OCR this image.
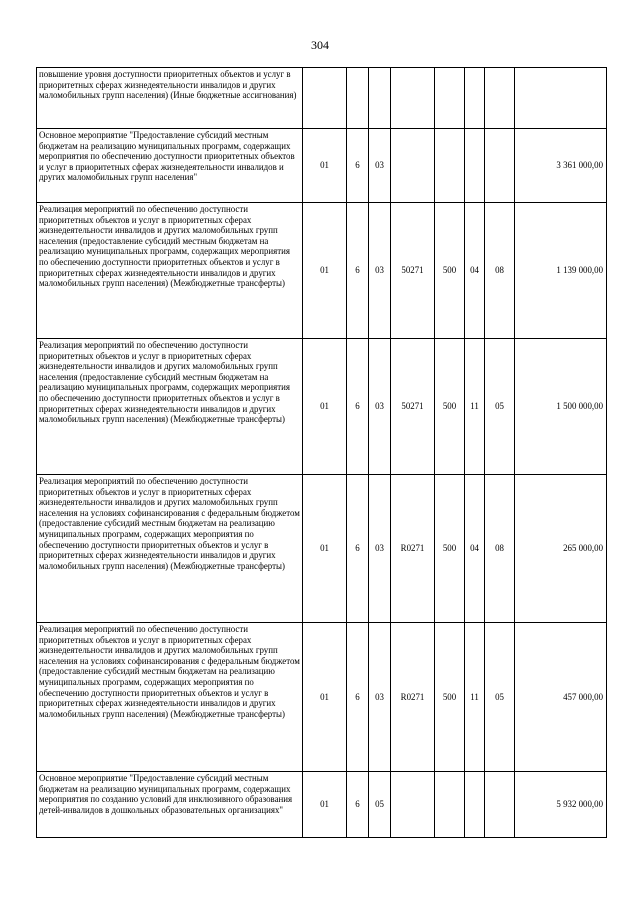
304
повышение уровня доступности приоритетных объектов и услуг в приоритетных сферах жизнедеятельности инвалидов и других маломобильных групп населения) (Иные бюджетные ассигнования)								
Основное мероприятие "Предоставление субсидий местным бюджетам на реализацию муниципальных программ, содержащих мероприятия по обеспечению доступности приоритетных объектов и услуг в приоритетных сферах жизнедеятельности инвалидов и других маломобильных групп населения"	01	6	03					3 361 000,00
Реализация мероприятий по обеспечению доступности приоритетных объектов и услуг в приоритетных сферах жизнедеятельности инвалидов и других маломобильных групп населения (предоставление субсидий местным бюджетам на реализацию муниципальных программ, содержащих мероприятия по обеспечению доступности приоритетных объектов и услуг в приоритетных сферах жизнедеятельности инвалидов и других маломобильных групп населения) (Межбюджетные трансферты)	01	6	03	50271	500	04	08	1 139 000,00
Реализация мероприятий по обеспечению доступности приоритетных объектов и услуг в приоритетных сферах жизнедеятельности инвалидов и других маломобильных групп населения (предоставление субсидий местным бюджетам на реализацию муниципальных программ, содержащих мероприятия по обеспечению доступности приоритетных объектов и услуг в приоритетных сферах жизнедеятельности инвалидов и других маломобильных групп населения) (Межбюджетные трансферты)	01	6	03	50271	500	11	05	1 500 000,00
Реализация мероприятий по обеспечению доступности приоритетных объектов и услуг в приоритетных сферах жизнедеятельности инвалидов и других маломобильных групп населения на условиях софинансирования с федеральным бюджетом (предоставление субсидий местным бюджетам на реализацию муниципальных программ, содержащих мероприятия по обеспечению доступности приоритетных объектов и услуг в приоритетных сферах жизнедеятельности инвалидов и других маломобильных групп населения) (Межбюджетные трансферты)	01	6	03	R0271	500	04	08	265 000,00
Реализация мероприятий по обеспечению доступности приоритетных объектов и услуг в приоритетных сферах жизнедеятельности инвалидов и других маломобильных групп населения на условиях софинансирования с федеральным бюджетом (предоставление субсидий местным бюджетам на реализацию муниципальных программ, содержащих мероприятия по обеспечению доступности приоритетных объектов и услуг в приоритетных сферах жизнедеятельности инвалидов и других маломобильных групп населения) (Межбюджетные трансферты)	01	6	03	R0271	500	11	05	457 000,00
Основное мероприятие "Предоставление субсидий местным бюджетам на реализацию муниципальных программ, содержащих мероприятия по созданию условий для инклюзивного образования детей-инвалидов в дошкольных образовательных организациях"	01	6	05					5 932 000,00
